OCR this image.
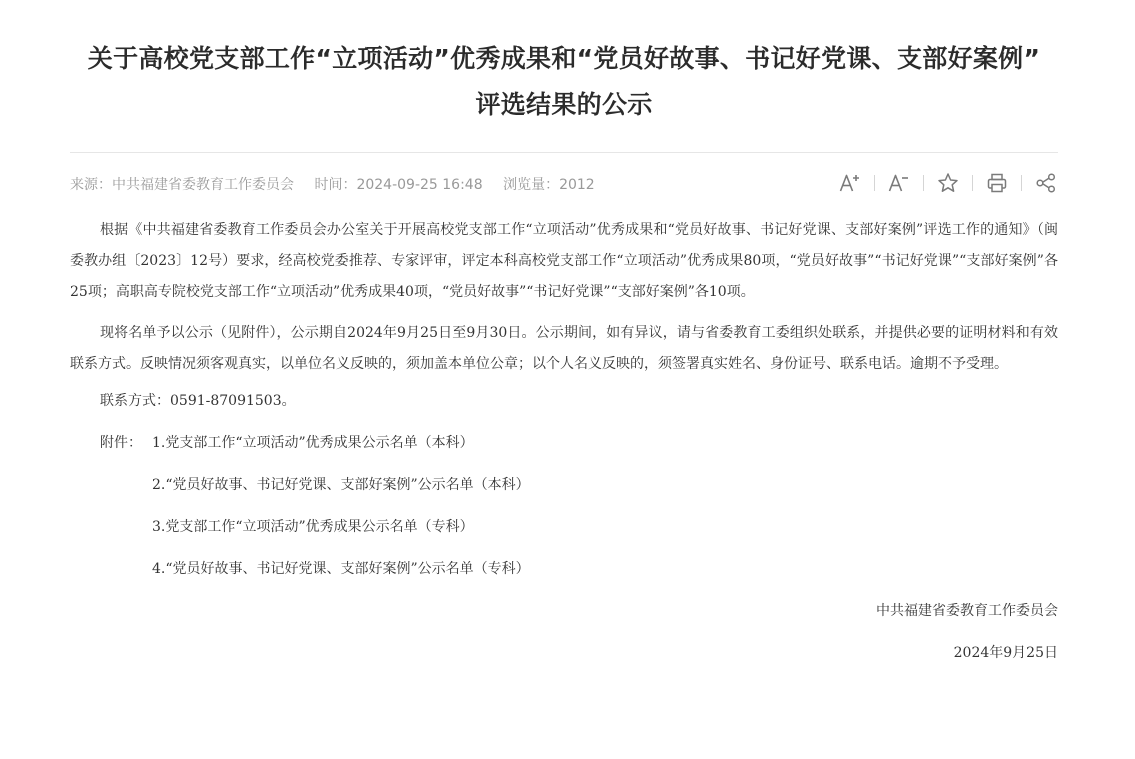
关于高校党支部工作“立项活动”优秀成果和“党员好故事、书记好党课、支部好案例”
评选结果的公示
来源：中共福建省委教育工作委员会 时间：2024-09-25 16:48 浏览量：2012

根据《中共福建省委教育工作委员会办公室关于开展高校党支部工作“立项活动”优秀成果和“党员好故事、书记好党课、支部好案例”评选工作的通知》（闽委教办组〔2023〕12号）要求，经高校党委推荐、专家评审，评定本科高校党支部工作“立项活动”优秀成果80项，“党员好故事”“书记好党课”“支部好案例”各25项；高职高专院校党支部工作“立项活动”优秀成果40项，“党员好故事”“书记好党课”“支部好案例”各10项。

现将名单予以公示（见附件），公示期自2024年9月25日至9月30日。公示期间，如有异议，请与省委教育工委组织处联系，并提供必要的证明材料和有效联系方式。反映情况须客观真实，以单位名义反映的，须加盖本单位公章；以个人名义反映的，须签署真实姓名、身份证号、联系电话。逾期不予受理。

联系方式：0591-87091503。

附件： 1.党支部工作“立项活动”优秀成果公示名单（本科）

2.“党员好故事、书记好党课、支部好案例”公示名单（本科）

3.党支部工作“立项活动”优秀成果公示名单（专科）

4.“党员好故事、书记好党课、支部好案例”公示名单（专科）

中共福建省委教育工作委员会

2024年9月25日
